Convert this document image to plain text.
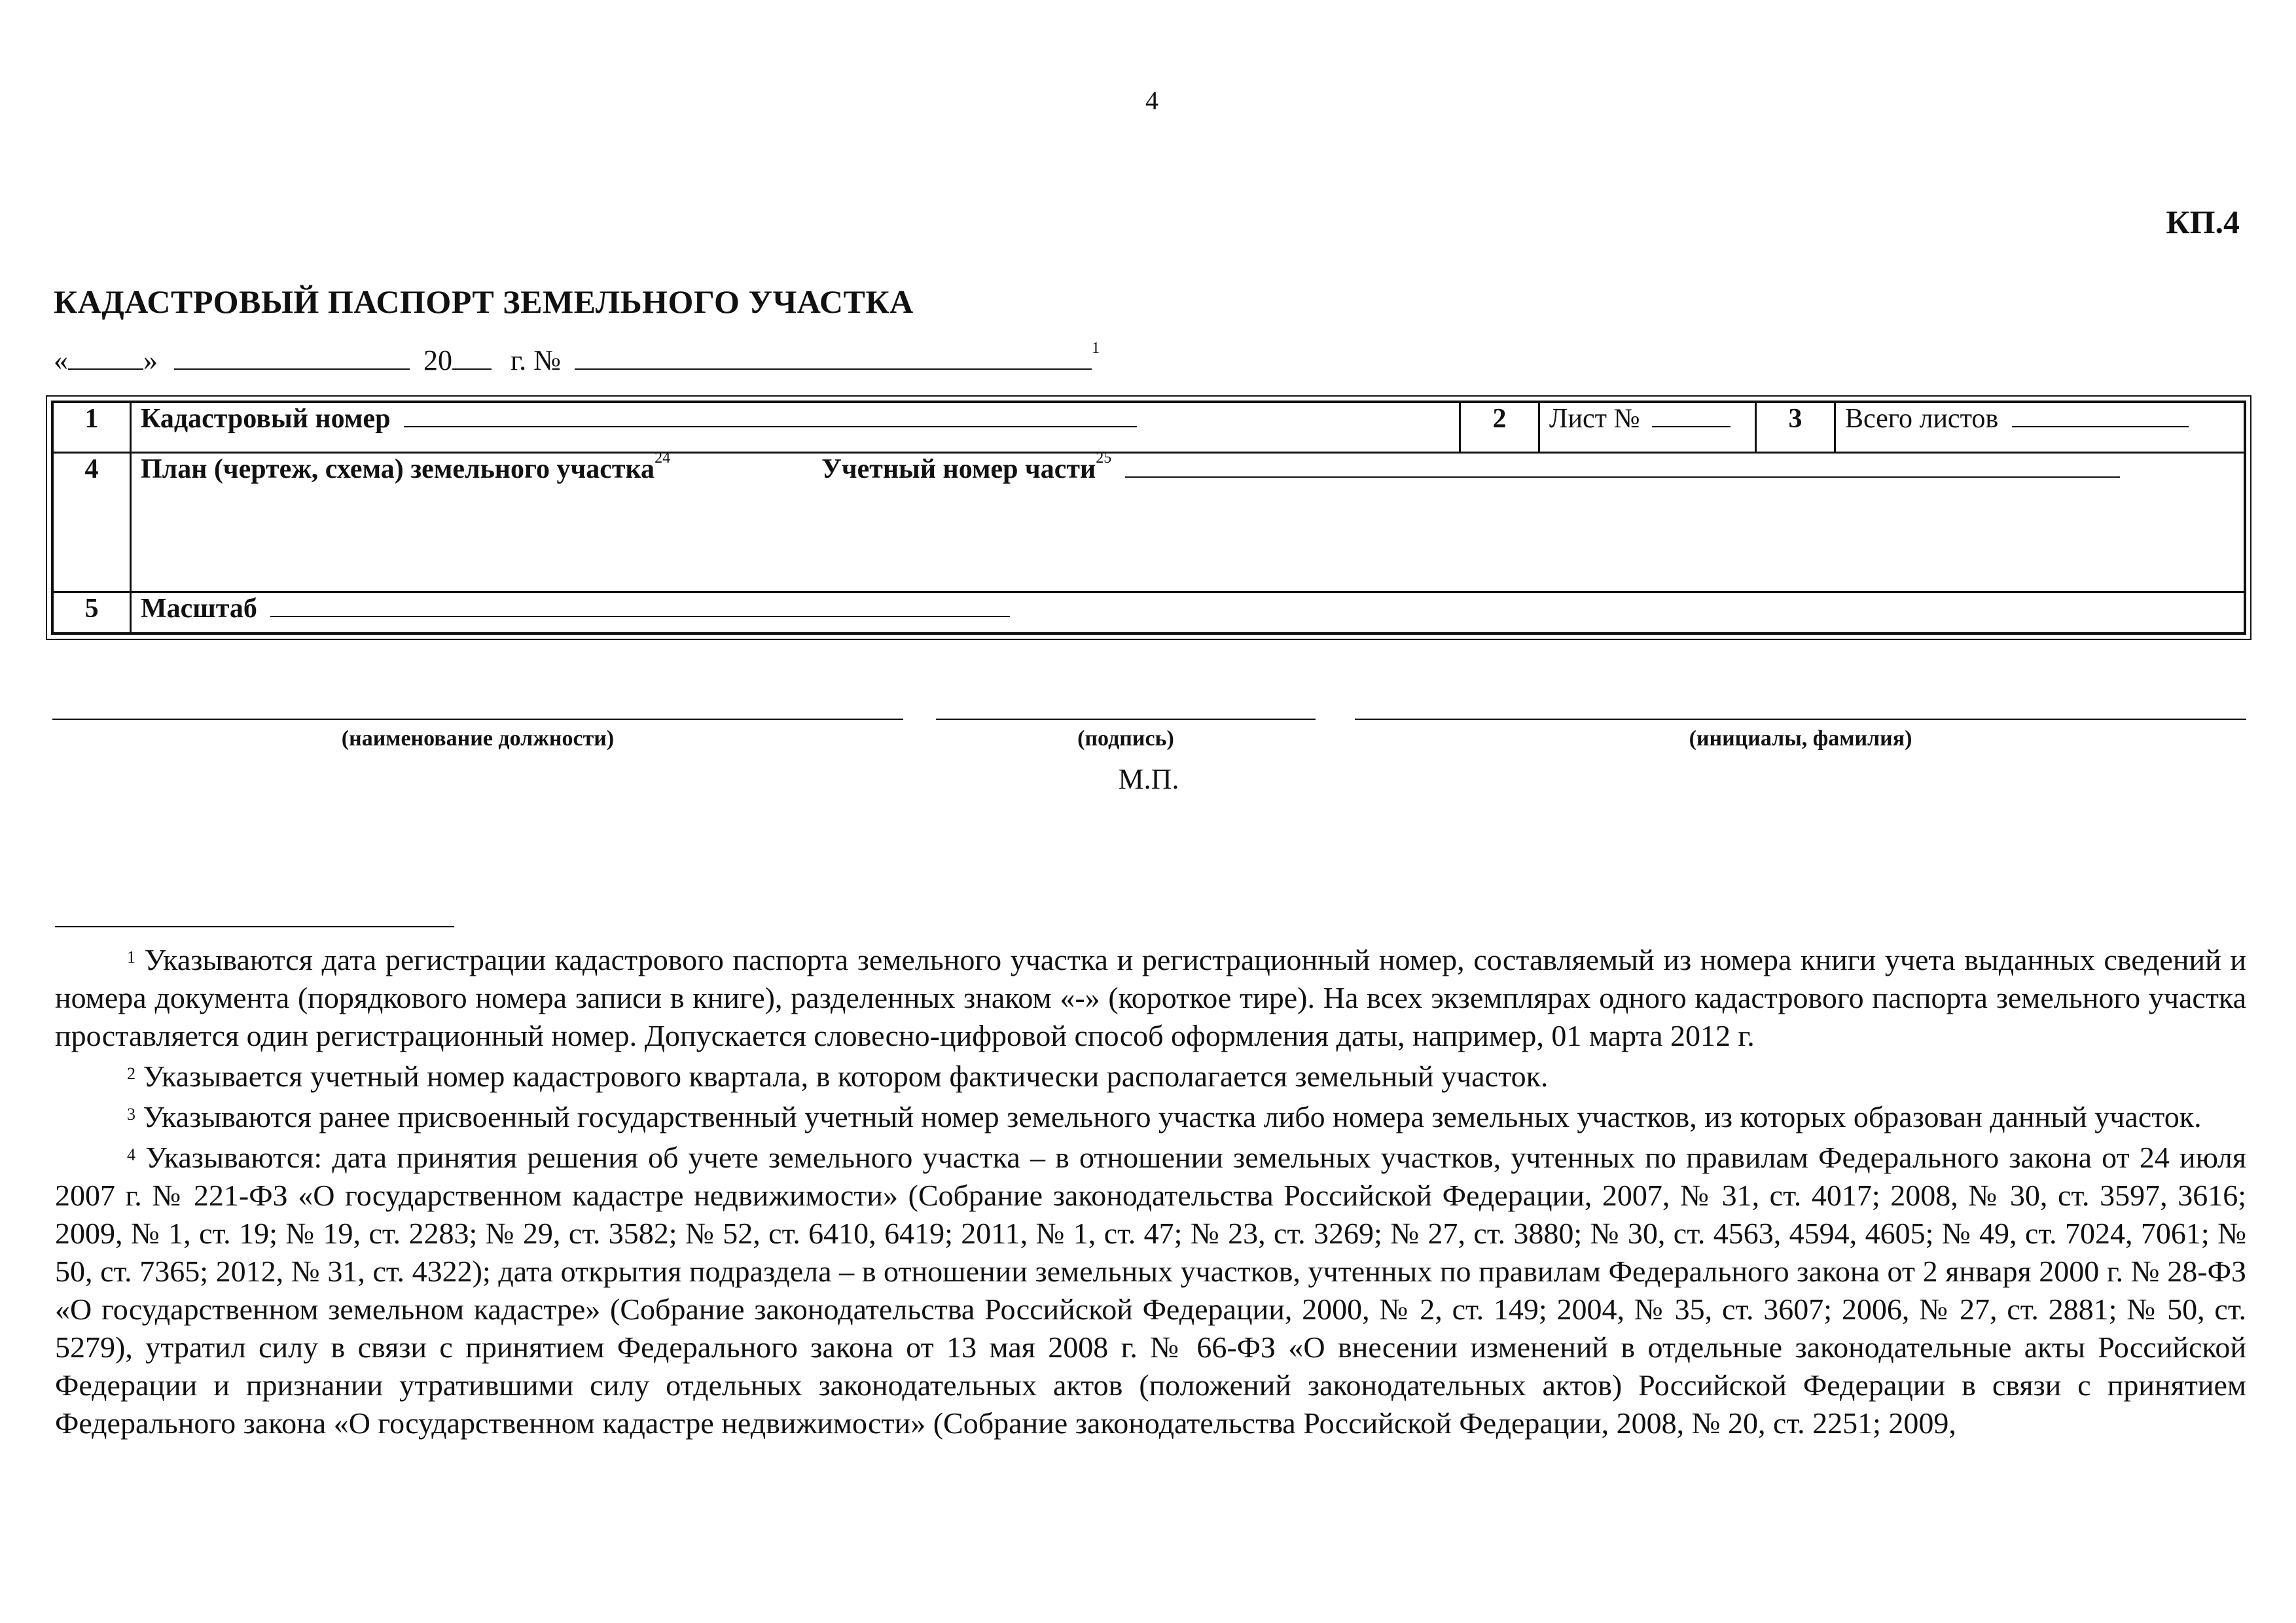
4
КП.4
КАДАСТРОВЫЙ ПАСПОРТ ЗЕМЕЛЬНОГО УЧАСТКА
«	»	20 г. №	$^1$
1	Кадастровый номер	2	Лист №	3	Всего листов
4	План (чертеж, схема) земельного участка$^{24}$ Учетный номер части$^{25}$
5	Масштаб				
(наименование должности)	(подпись)	(инициалы, фамилия)
М.П.

$^1$ Указываются дата регистрации кадастрового паспорта земельного участка и регистрационный номер, составляемый из номера книги учета выданных сведений и номера документа (порядкового номера записи в книге), разделенных знаком «-» (короткое тире). На всех экземплярах одного кадастрового паспорта земельного участка проставляется один регистрационный номер. Допускается словесно-цифровой способ оформления даты, например, 01 марта 2012 г.

$^2$ Указывается учетный номер кадастрового квартала, в котором фактически располагается земельный участок.

$^3$ Указываются ранее присвоенный государственный учетный номер земельного участка либо номера земельных участков, из которых образован данный участок.

$^4$ Указываются: дата принятия решения об учете земельного участка – в отношении земельных участков, учтенных по правилам Федерального закона от 24 июля 2007 г. № 221-ФЗ «О государственном кадастре недвижимости» (Собрание законодательства Российской Федерации, 2007, № 31, ст. 4017; 2008, № 30, ст. 3597, 3616; 2009, № 1, ст. 19; № 19, ст. 2283; № 29, ст. 3582; № 52, ст. 6410, 6419; 2011, № 1, ст. 47; № 23, ст. 3269; № 27, ст. 3880; № 30, ст. 4563, 4594, 4605; № 49, ст. 7024, 7061; № 50, ст. 7365; 2012, № 31, ст. 4322); дата открытия подраздела – в отношении земельных участков, учтенных по правилам Федерального закона от 2 января 2000 г. № 28-ФЗ «О государственном земельном кадастре» (Собрание законодательства Российской Федерации, 2000, № 2, ст. 149; 2004, № 35, ст. 3607; 2006, № 27, ст. 2881; № 50, ст. 5279), утратил силу в связи с принятием Федерального закона от 13 мая 2008 г. № 66-ФЗ «О внесении изменений в отдельные законодательные акты Российской Федерации и признании утратившими силу отдельных законодательных актов (положений законодательных актов) Российской Федерации в связи с принятием Федерального закона «О государственном кадастре недвижимости» (Собрание законодательства Российской Федерации, 2008, № 20, ст. 2251; 2009,
